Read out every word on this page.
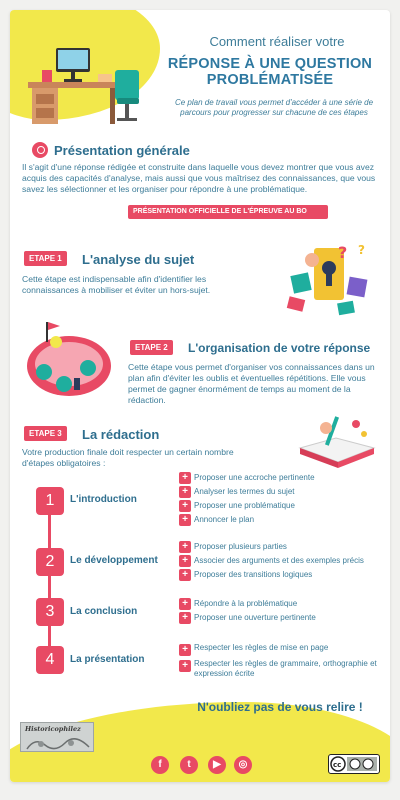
Comment réaliser votre
RÉPONSE À UNE QUESTION PROBLÉMATISÉE
Ce plan de travail vous permet d'accéder à une série de parcours pour progresser sur chacune de ces étapes
Présentation générale
Il s'agit d'une réponse rédigée et construite dans laquelle vous devez montrer que vous avez acquis des capacités d'analyse, mais aussi que vous maîtrisez des connaissances, que vous savez les sélectionner et les organiser pour répondre à une problématique.
PRÉSENTATION OFFICIELLE DE L'ÉPREUVE AU BO
ETAPE 1	L'analyse du sujet
Cette étape est indispensable afin d'identifier les connaissances à mobiliser et éviter un hors-sujet.
? ?
ETAPE 2	L'organisation de votre réponse
Cette étape vous permet d'organiser vos connaissances dans un plan afin d'éviter les oublis et éventuelles répétitions. Elle vous permet de gagner énormément de temps au moment de la rédaction.
ETAPE 3	La rédaction
Votre production finale doit respecter un certain nombre d'étapes obligatoires :
1	L'introduction
+ Proposer une accroche pertinente
+ Analyser les termes du sujet
+ Proposer une problématique
+ Annoncer le plan
2	Le développement
+ Proposer plusieurs parties
+ Associer des arguments et des exemples précis
+ Proposer des transitions logiques
3	La conclusion
+ Répondre à la problématique
+ Proposer une ouverture pertinente
4	La présentation
+ Respecter les règles de mise en page
+ Respecter les règles de grammaire, orthographie et expression écrite
N'oubliez pas de vous relire !
Historicophilez
f	t	▶	◎	cc
